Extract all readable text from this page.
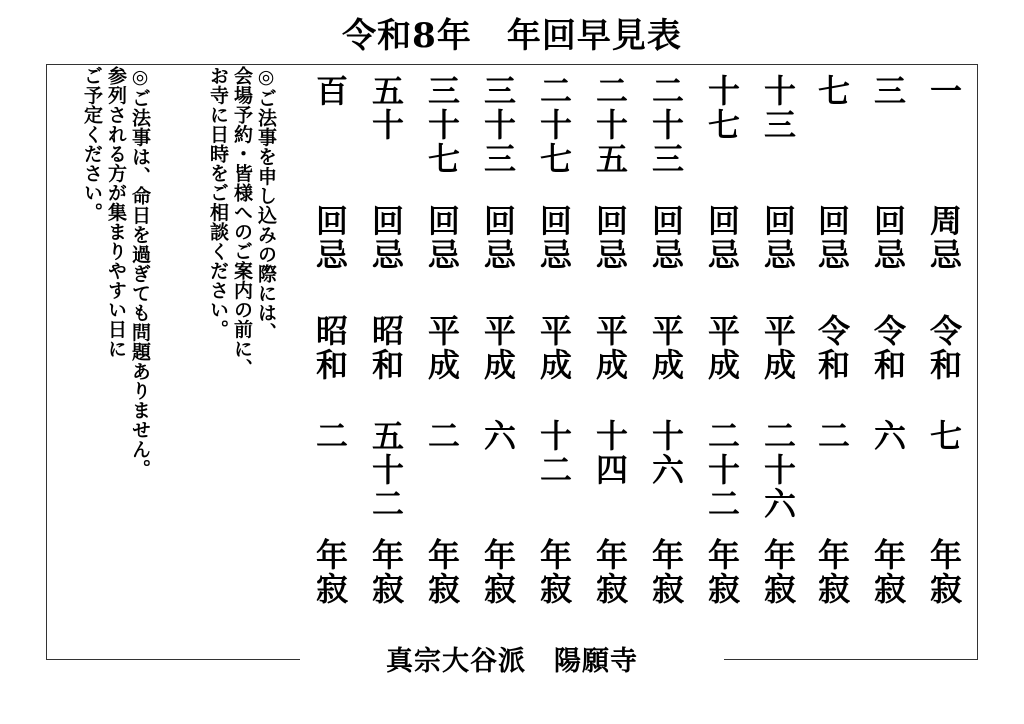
令和8年　年回早見表
真宗大谷派　陽願寺
一
周忌
令和
七
年寂
三
回忌
令和
六
年寂
七
回忌
令和
二
年寂
十三
回忌
平成
二十六
年寂
十七
回忌
平成
二十二
年寂
二十三
回忌
平成
十六
年寂
二十五
回忌
平成
十四
年寂
二十七
回忌
平成
十二
年寂
三十三
回忌
平成
六
年寂
三十七
回忌
平成
二
年寂
五十
回忌
昭和
五十二
年寂
百
回忌
昭和
二
年寂
◎ご法事を申し込みの際には、
会場予約・皆様へのご案内の前に、
お寺に日時をご相談ください。
◎ご法事は、命日を過ぎても問題ありません。
参列される方が集まりやすい日に
ご予定ください。
